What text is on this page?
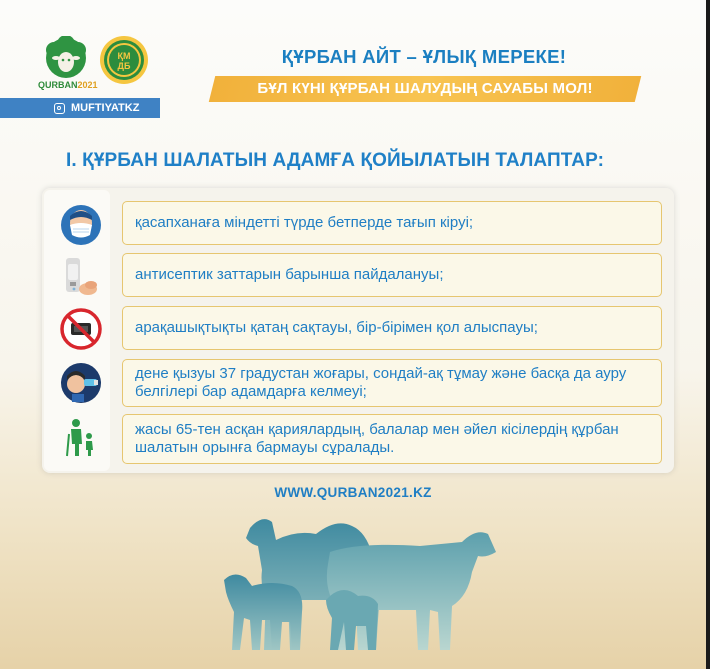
QURBAN2021
ҚМ
ДБ
MUFTIYATKZ
ҚҰРБАН АЙТ – ҰЛЫҚ МЕРЕКЕ!
БҰЛ КҮНІ ҚҰРБАН ШАЛУДЫҢ САУАБЫ МОЛ!
I. ҚҰРБАН ШАЛАТЫН АДАМҒА ҚОЙЫЛАТЫН ТАЛАПТАР:
қасапханаға міндетті түрде бетперде тағып кіруі;
антисептик заттарын барынша пайдалануы;
арақашықтықты қатаң сақтауы, бір-бірімен қол алыспауы;
дене қызуы 37 градустан жоғары, сондай-ақ тұмау және басқа да ауру белгілері бар адамдарға келмеуі;
жасы 65-тен асқан қариялардың, балалар мен әйел кісілердің құрбан шалатын орынға бармауы сұралады.
WWW.QURBAN2021.KZ
